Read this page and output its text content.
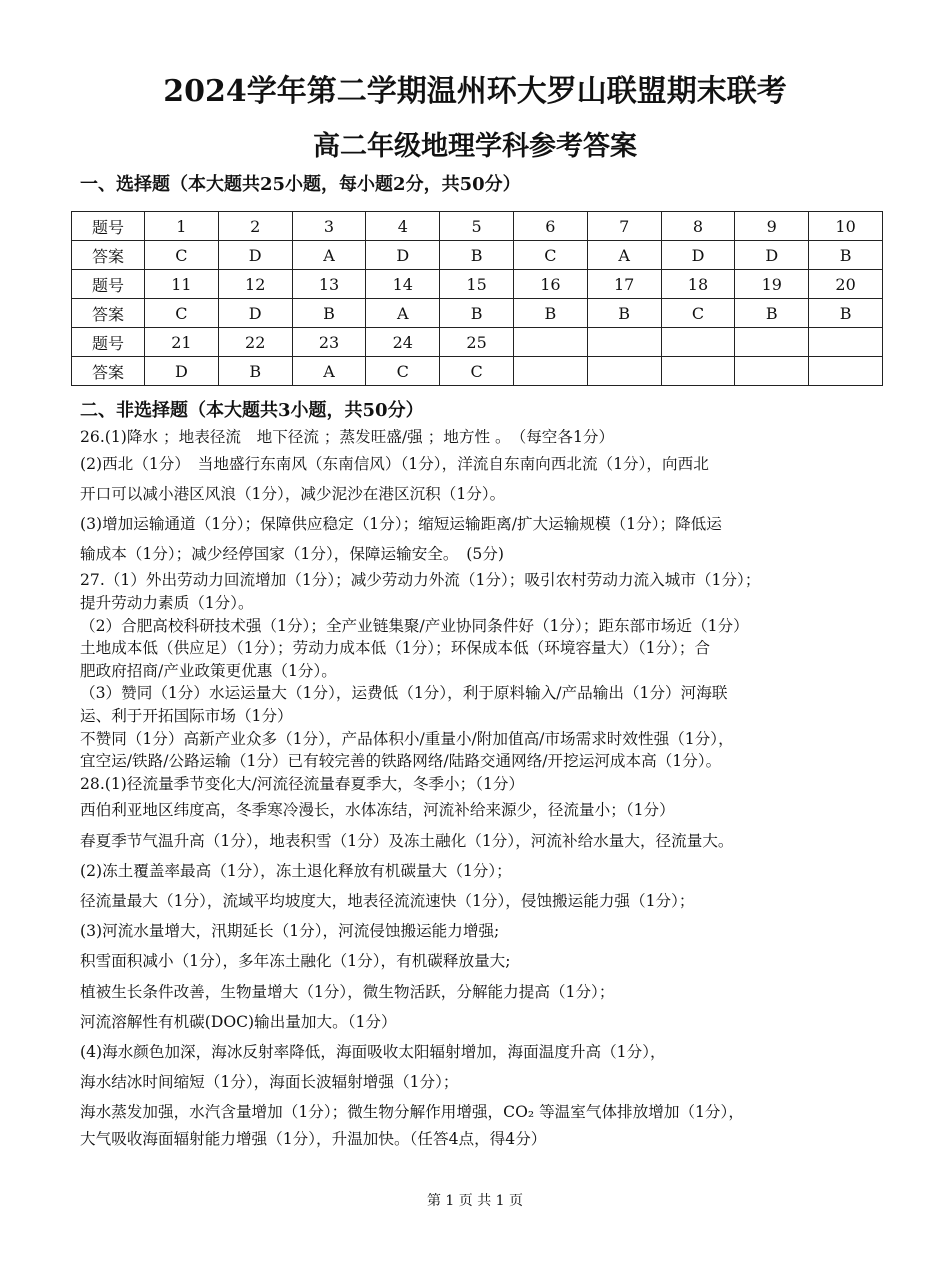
2024学年第二学期温州环大罗山联盟期末联考
高二年级地理学科参考答案
一、选择题（本大题共25小题，每小题2分，共50分）
题号	1	2	3	4	5	6	7	8	9	10
答案	C	D	A	D	B	C	A	D	D	B
题号	11	12	13	14	15	16	17	18	19	20
答案	C	D	B	A	B	B	B	C	B	B
题号	21	22	23	24	25					
答案	D	B	A	C	C					
二、非选择题（本大题共3小题，共50分）

26.(1)降水 ；地表径流　地下径流 ；蒸发旺盛/强 ；地方性 。　（每空各1分）

(2)西北（1分）　当地盛行东南风（东南信风）（1分），洋流自东南向西北流（1分），向西北

开口可以减小港区风浪（1分），减少泥沙在港区沉积（1分）。

(3)增加运输通道（1分）；保障供应稳定（1分）；缩短运输距离/扩大运输规模（1分）；降低运

输成本（1分）；减少经停国家（1分），保障运输安全。　(5分)

27.（1）外出劳动力回流增加（1分）；减少劳动力外流（1分）；吸引农村劳动力流入城市（1分）；

提升劳动力素质（1分）。

（2）合肥高校科研技术强（1分）；全产业链集聚/产业协同条件好（1分）；距东部市场近（1分）

土地成本低（供应足）（1分）；劳动力成本低（1分）；环保成本低（环境容量大）（1分）；合

肥政府招商/产业政策更优惠（1分）。

（3）赞同（1分）水运运量大（1分），运费低（1分），利于原料输入/产品输出（1分）河海联

运、利于开拓国际市场（1分）

不赞同（1分）高新产业众多（1分），产品体积小/重量小/附加值高/市场需求时效性强（1分），

宜空运/铁路/公路运输（1分）已有较完善的铁路网络/陆路交通网络/开挖运河成本高（1分）。

28.(1)径流量季节变化大/河流径流量春夏季大，冬季小；（1分）

西伯利亚地区纬度高，冬季寒冷漫长，水体冻结，河流补给来源少，径流量小；（1分）

春夏季节气温升高（1分），地表积雪（1分）及冻土融化（1分），河流补给水量大，径流量大。

(2)冻土覆盖率最高（1分），冻土退化释放有机碳量大（1分）；

径流量最大（1分），流域平均坡度大，地表径流流速快（1分），侵蚀搬运能力强（1分）；

(3)河流水量增大，汛期延长（1分），河流侵蚀搬运能力增强;

积雪面积减小（1分），多年冻土融化（1分），有机碳释放量大;

植被生长条件改善，生物量增大（1分），微生物活跃，分解能力提高（1分）；

河流溶解性有机碳(DOC)输出量加大。（1分）

(4)海水颜色加深，海冰反射率降低，海面吸收太阳辐射增加，海面温度升高（1分），

海水结冰时间缩短（1分），海面长波辐射增强（1分）；

海水蒸发加强，水汽含量增加（1分）；微生物分解作用增强，CO₂ 等温室气体排放增加（1分），

大气吸收海面辐射能力增强（1分），升温加快。（任答4点，得4分）

第 1 页 共 1 页
